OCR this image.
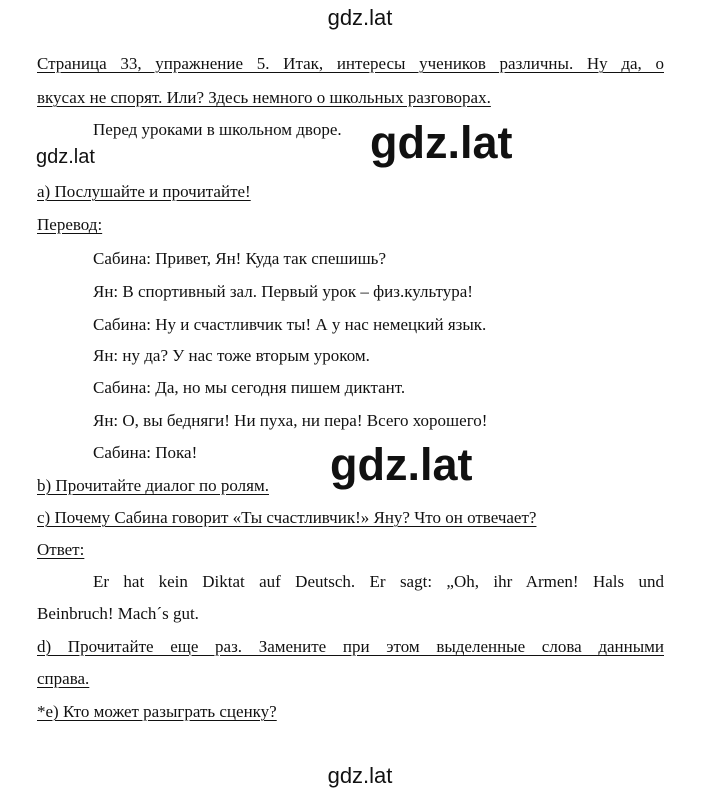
gdz.lat
Страница 33, упражнение 5. Итак, интересы учеников различны. Ну да, о
вкусах не спорят. Или? Здесь немного о школьных разговорах.
Перед уроками в школьном дворе.
gdz.lat	gdz.lat
а) Послушайте и прочитайте!
Перевод:
Сабина: Привет, Ян! Куда так спешишь?
Ян: В спортивный зал. Первый урок – физ.культура!
Сабина: Ну и счастливчик ты! А у нас немецкий язык.
Ян: ну да? У нас тоже вторым уроком.
Сабина: Да, но мы сегодня пишем диктант.
Ян: О, вы бедняги! Ни пуха, ни пера! Всего хорошего!
Сабина: Пока!	gdz.lat
b) Прочитайте диалог по ролям.
c) Почему Сабина говорит «Ты счастливчик!» Яну? Что он отвечает?
Ответ:
Er hat kein Diktat auf Deutsch. Er sagt: „Oh, ihr Armen! Hals und
Beinbruch! Mach´s gut.
d) Прочитайте еще раз. Замените при этом выделенные слова данными
справа.
*e) Кто может разыграть сценку?
gdz.lat
